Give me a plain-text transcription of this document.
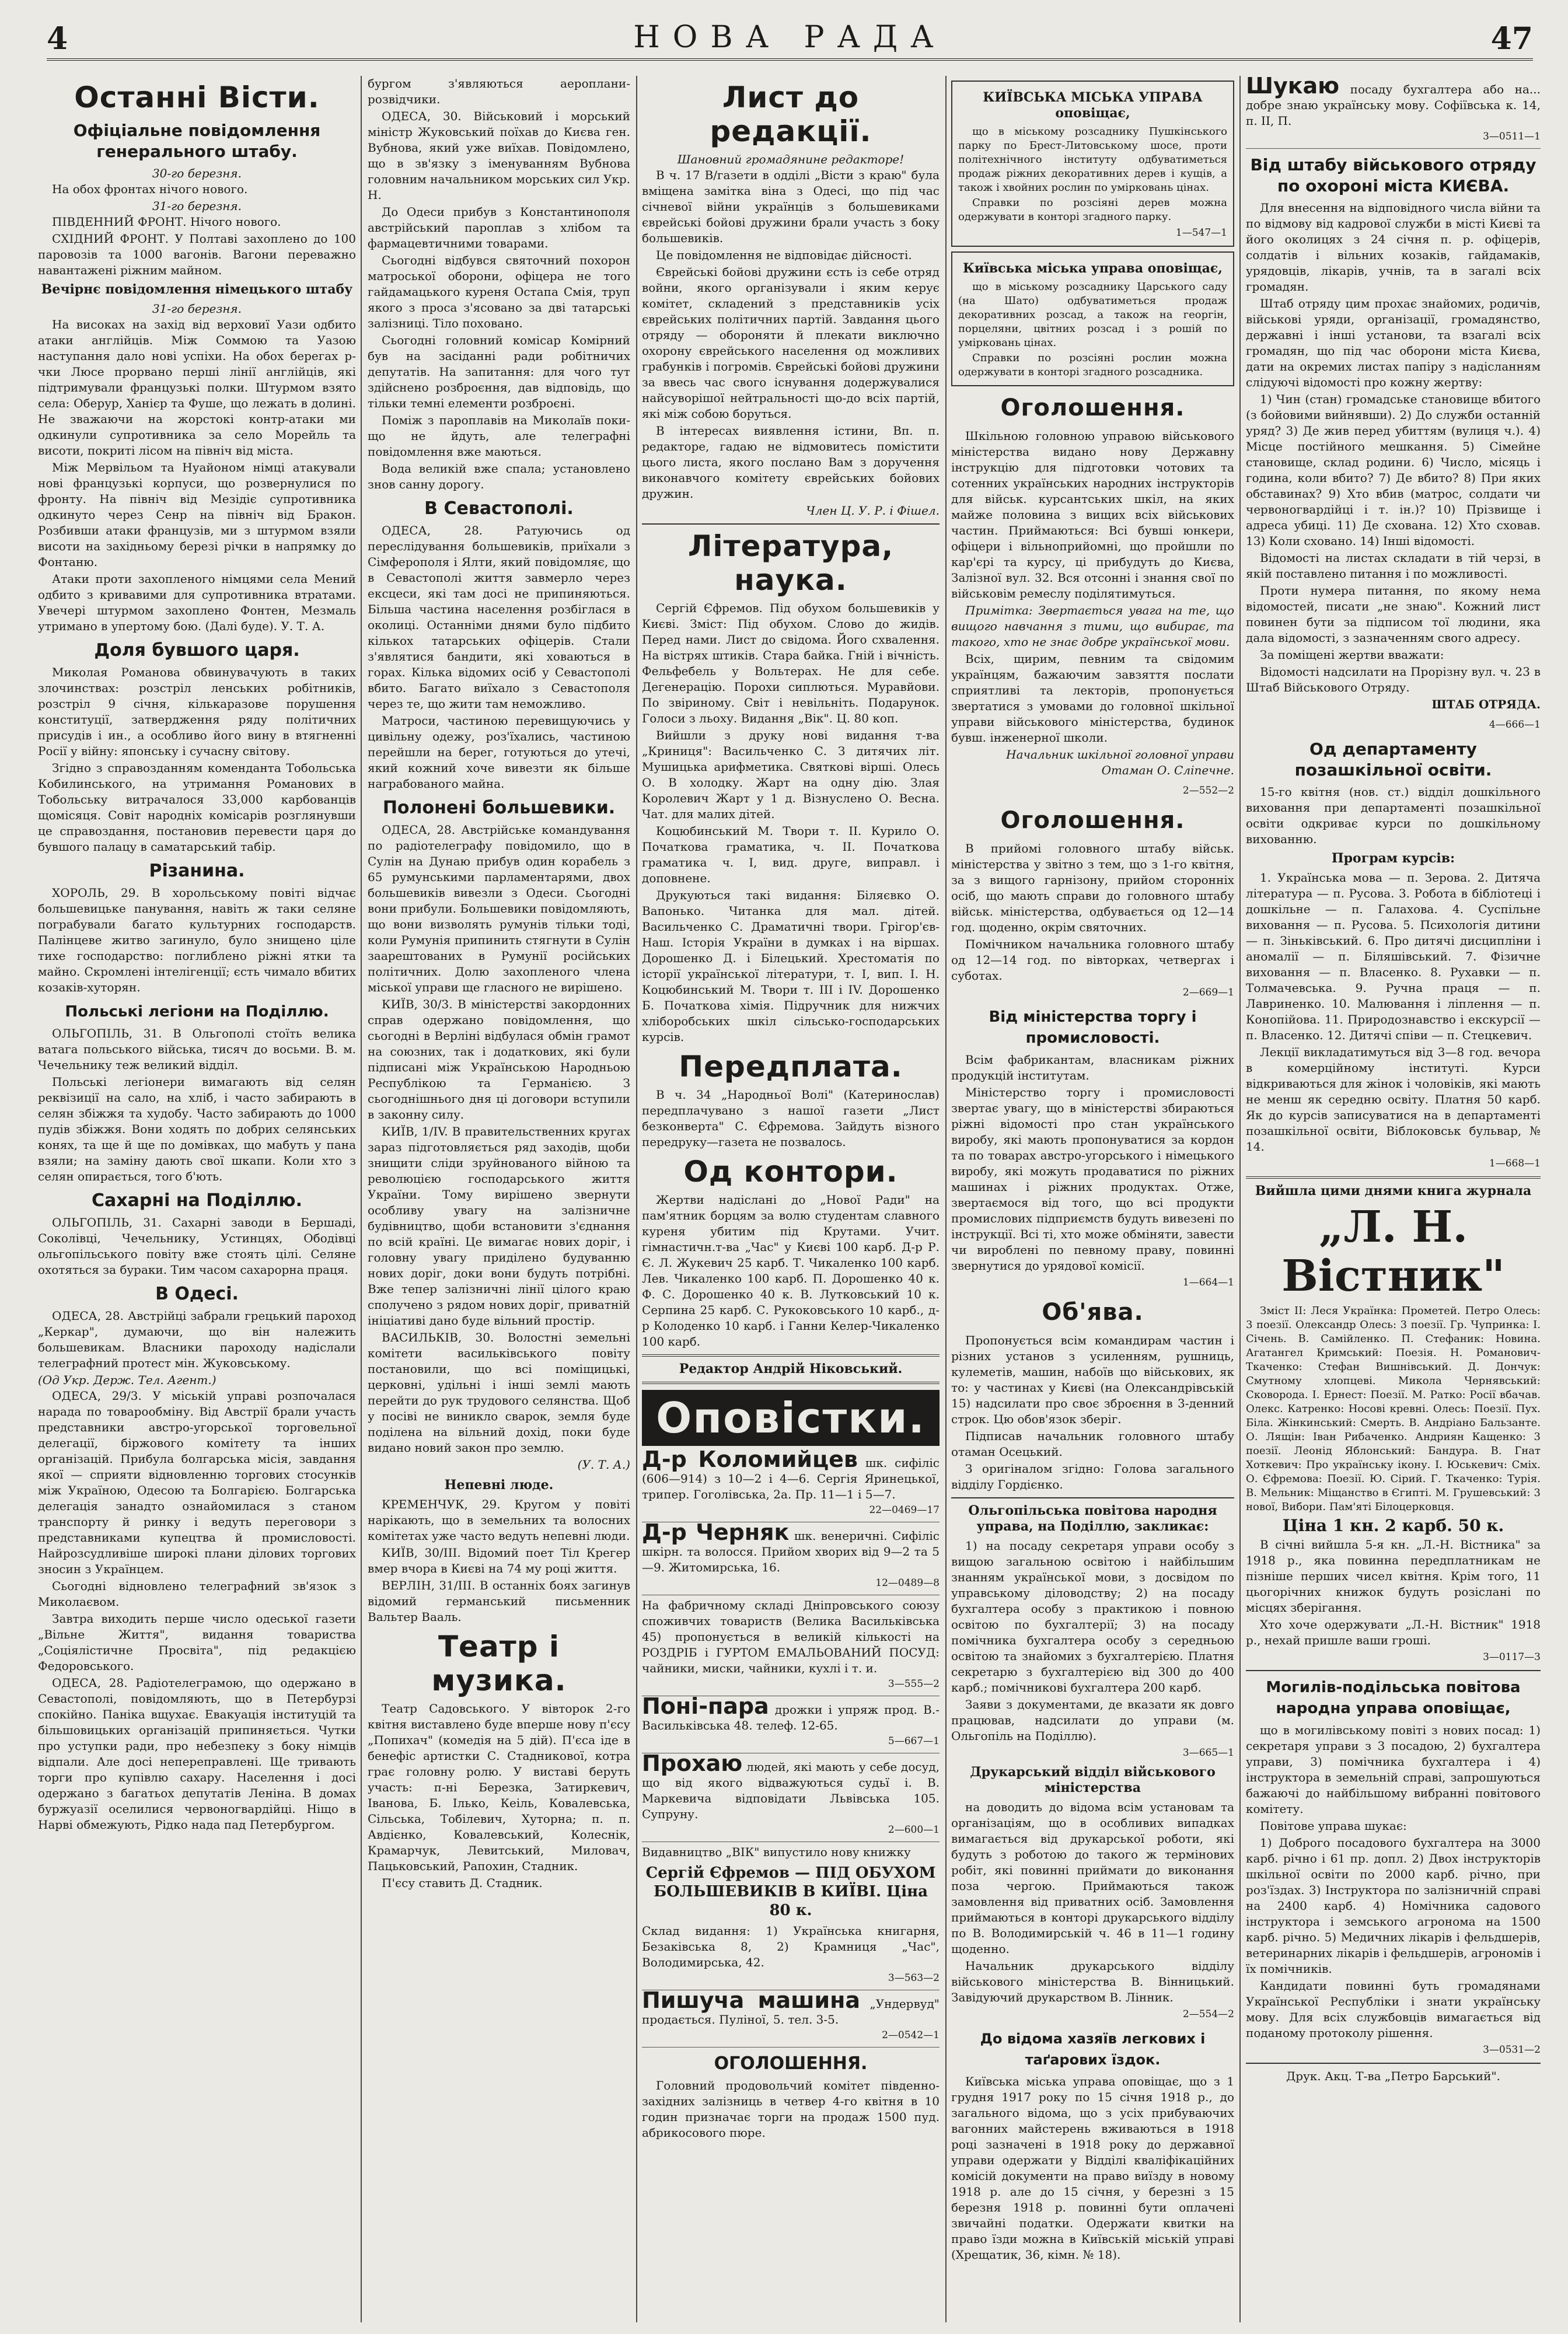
4	НОВА РАДА	47
Останні Вісти.
Офіціальне повідомлення генерального штабу.
30-го березня.

На обох фронтах нічого нового.

31-го березня.

ПІВДЕННИЙ ФРОНТ. Нічого нового.

СХІДНИЙ ФРОНТ. У Полтаві захоплено до 100 паровозів та 1000 вагонів. Вагони переважно навантажені ріжним майном.

Вечірнє повідомлення німецького штабу
31-го березня.

На високах на захід від верховиї Уази одбито атаки англійців. Між Соммою та Уазою наступання дало нові успіхи. На обох берегах р-чки Люсе прорвано перші лінії англійців, які підтримували французькі полки. Штурмом взято села: Оберур, Ханієр та Фуше, що лежать в долині. Не зважаючи на жорстокі контр-атаки ми одкинули супротивника за село Морейль та висоти, покриті лісом на північ від міста.

Між Мервільом та Нуайоном німці атакували нові французькі корпуси, що розвернулися по фронту. На північ від Мезідіє супротивника одкинуто через Сенр на північ від Бракон. Розбивши атаки французів, ми з штурмом взяли висоти на західньому березі річки в напрямку до Фонтаню.

Атаки проти захопленого німцями села Мений одбито з кривавими для супротивника втратами. Увечері штурмом захоплено Фонтен, Мезмаль утримано в упертому бою. (Далі буде). У. Т. А.

Доля бувшого царя.

Миколая Романова обвинувачують в таких злочинствах: розстріл ленських робітників, розстріл 9 січня, кількаразове порушення конституції, затвердження ряду політичних присудів і ин., а особливо його вину в втягненні Росії у війну: японську і сучасну світову.

Згідно з справозданням коменданта Тобольська Кобилинського, на утримання Романових в Тобольську витрачалося 33,000 карбованців щомісяця. Совіт народніх комісарів розглянувши це справоздання, постановив перевести царя до бувшого палацу в саматарський табір.

Різанина.

ХОРОЛЬ, 29. В хорольському повіті відчає большевицьке панування, навіть ж таки селяне пограбували багато культурних господарств. Палінцеве житво загинуло, було знищено ціле тихе господарство: поглиблено ріжні ятки та майно. Скромлені інтелігенції; єсть чимало вбитих козаків-хуторян.

Польські легіони на Поділлю.

ОЛЬГОПІЛЬ, 31. В Ольгополі стоїть велика ватага польського війська, тисяч до восьми. В. м. Чечельнику теж великий відділ.

Польські легіонери вимагають від селян реквізиції на сало, на хліб, і часто забирають в селян збіжжя та худобу. Часто забирають до 1000 пудів збіжжя. Вони ходять по добрих селянських конях, та ще й ще по домівках, що мабуть у пана взяли; на заміну дають свої шкапи. Коли хто з селян опирається, того б'ють.

Сахарні на Поділлю.

ОЛЬГОПІЛЬ, 31. Сахарні заводи в Бершаді, Соколівці, Чечельнику, Устинцях, Ободівці ольгопільського повіту вже стоять цілі. Селяне охотяться за бураки. Тим часом сахарорна праця.

В Одесі.

ОДЕСА, 28. Австрійці забрали грецький пароход „Керкар", думаючи, що він належить большевикам. Власники пароходу надіслали телеграфний протест мін. Жуковському.

(Од Укр. Держ. Тел. Агент.)

ОДЕСА, 29/3. У міській управі розпочалася нарада по товарообміну. Від Австрії брали участь представники австро-угорської торговельної делегації, біржового комітету та інших організацій. Прибула болгарська місія, завдання якої — сприяти відновленню торгових стосунків між Україною, Одесою та Болгарією. Болгарська делегація занадто ознайомилася з станом транспорту й ринку і ведуть переговори з представниками купецтва й промисловості. Найрозсудливіше широкі плани ділових торгових зносин з Українцем.

Сьогодні відновлено телеграфний зв'язок з Миколаєвом.

Завтра виходить перше число одеської газети „Вільне Життя", видання товариства „Соціялістичне Просвіта", під редакцією Федоровського.

ОДЕСА, 28. Радіотелеграмою, що одержано в Севастополі, повідомляють, що в Петербурзі спокійно. Паніка вщухає. Евакуація інституцій та більшовицьких організацій припиняється. Чутки про уступки ради, про небезпеку з боку німців відпали. Але досі непереправлені. Ще тривають торги про купівлю сахару. Населення і досі одержано з багатьох депутатів Леніна. В домах буржуазії оселилися червоногвардійці. Ніщо в Нарві обмежують, Рідко нада пад Петербургом.

бургом з'являються аероплани-розвідчики.

ОДЕСА, 30. Військовий і морський міністр Жуковський поїхав до Києва ген. Вубнова, який уже виїхав. Повідомлено, що в зв'язку з іменуванням Вубнова головним начальником морських сил Укр. Н.

До Одеси прибув з Константинополя австрійський пароплав з хлібом та фармацевтичними товарами.

Сьогодні відбувся святочний похорон матроської оборони, офіцера не того гайдамацького куреня Остапа Смія, труп якого з проса з'ясовано за дві татарські залізниці. Тіло поховано.

Сьогодні головний комісар Комірний був на засіданні ради робітничих депутатів. На запитання: для чого тут здійснено розброєння, дав відповідь, що тільки темні елементи розброєні.

Поміж з пароплавів на Миколаїв поки-що не йдуть, але телеграфні повідомлення вже маються.

Вода великій вже спала; установлено знов санну дорогу.

В Севастополі.

ОДЕСА, 28. Ратуючись од переслідування большевиків, приїхали з Сімферополя і Ялти, який повідомляє, що в Севастополі життя завмерло через ексцеси, які там досі не припиняються. Більша частина населення розбіглася в околиці. Останніми днями було підбито кількох татарських офіцерів. Стали з'являтися бандити, які ховаються в горах. Кілька відомих осіб у Севастополі вбито. Багато виїхало з Севастополя через те, що жити там неможливо.

Матроси, частиною перевищуючись у цивільну одежу, роз'їхались, частиною перейшли на берег, готуються до утечі, який кожний хоче вивезти як більше награбованого майна.

Полонені большевики.

ОДЕСА, 28. Австрійське командування по радіотелеграфу повідомило, що в Сулін на Дунаю прибув один корабель з 65 румунськими парламентарями, двох большевиків вивезли з Одеси. Сьогодні вони прибули. Большевики повідомляють, що вони визволять румунів тільки тоді, коли Румунія припинить стягнути в Сулін заарештованих в Румунії російських політичних. Долю захопленого члена міської управи ще гласного не вирішено.

КИЇВ, 30/3. В міністерстві закордонних справ одержано повідомлення, що сьогодні в Верліні відбулася обмін грамот на союзних, так і додаткових, які були підписані між Українською Народньою Республікою та Германією. З сьогоднішнього дня ці договори вступили в законну силу.

КИЇВ, 1/IV. В правительственних кругах зараз підготовляється ряд заходів, щоби знищити сліди зруйнованого війною та революцією господарського життя України. Тому вирішено звернути особливу увагу на залізничне будівництво, щоби встановити з'єднання по всій країні. Це вимагає нових доріг, і головну увагу приділено будуванню нових доріг, доки вони будуть потрібні. Вже тепер залізничні лінії цілого краю сполучено з рядом нових доріг, приватній ініціативі дано буде вільний простір.

ВАСИЛЬКІВ, 30. Волостні земельні комітети васильківського повіту постановили, що всі поміщицькі, церковні, удільні і інші землі мають перейти до рук трудового селянства. Щоб у посіві не виникло сварок, земля буде поділена на вільний дохід, поки буде видано новий закон про землю.

(У. Т. А.)
Непевні люде.

КРЕМЕНЧУК, 29. Кругом у повіті нарікають, що в земельних та волосних комітетах уже часто ведуть непевні люди.

КИЇВ, 30/ІІІ. Відомий поет Тіл Крегер вмер вчора в Києві на 74 му році життя.

ВЕРЛІН, 31/ІІІ. В останніх боях загинув відомий германський письменник Вальтер Вааль.

Театр і музика.

Театр Садовського. У вівторок 2-го квітня виставлено буде вперше нову п'єсу „Попихач" (комедія на 5 дій). П'єса іде в бенефіс артистки С. Стадникової, котра грає головну ролю. У виставі беруть участь: п-ні Березка, Затиркевич, Іванова, Б. Ілько, Кеіль, Ковалевська, Сільська, Тобілевич, Хуторна; п. п. Авдієнко, Ковалевський, Колеснік, Крамарчук, Левитський, Миловач, Пацьковський, Рапохин, Стадник.

П'єсу ставить Д. Стадник.

Лист до редакції.
Шановний громадянине редакторе!

В ч. 17 В/газети в одділі „Вісти з краю" була вміщена замітка віна з Одесі, що під час січневої війни українців з большевиками єврейські бойові дружини брали участь з боку большевиків.

Це повідомлення не відповідає дійсності.

Єврейські бойові дружини єсть із себе отряд войни, якого організували і яким керує комітет, складений з представників усіх єврейських політичних партій. Завдання цього отряду — обороняти й плекати виключно охорону єврейського населення од можливих грабунків і погромів. Єврейські бойові дружини за ввесь час свого існування додержувалися найсуворішої нейтральності що-до всіх партій, які між собою боруться.

В інтересах виявлення істини, Вп. п. редакторе, гадаю не відмовитесь помістити цього листа, якого послано Вам з доручення виконавчого комітету єврейських бойових дружин.

Член Ц. У. Р. і Фішел.
Література, наука.

Сергій Єфремов. Під обухом большевиків у Києві. Зміст: Під обухом. Слово до жидів. Перед нами. Лист до свідома. Його схвалення. На вістрях штиків. Стара байка. Гній і вічність. Фельфебель у Вольтерах. Не для себе. Дегенерацію. Порохи сиплються. Муравйови. По звіриному. Світ і невільніть. Подарунок. Голоси з льоху. Видання „Вік". Ц. 80 коп.

Вийшли з друку нові видання т-ва „Криниця": Васильченко С. З дитячих літ. Мушицька арифметика. Святкові вірші. Олесь О. В холодку. Жарт на одну дію. Злая Королевич Жарт у 1 д. Візнуслено О. Весна. Чат. для малих дітей.

Коцюбинський М. Твори т. II. Курило О. Початкова граматика, ч. II. Початкова граматика ч. I, вид. друге, виправл. і доповнене.

Друкуються такі видання: Біляєвко О. Вапонько. Читанка для мал. дітей. Васильченко С. Драматичні твори. Грігор'єв-Наш. Історія України в думках і на віршах. Дорошенко Д. і Білецький. Хрестоматія по історії української літератури, т. І, вип. І. Н. Коцюбинський М. Твори т. III і IV. Дорошенко Б. Початкова хімія. Підручник для нижчих хліборобських шкіл сільсько-господарських курсів.

Передплата.

В ч. 34 „Народньої Волі" (Катеринослав) передплачувано з нашої газети „Лист безконверта" С. Єфремова. Зайдуть візного передруку—газета не позвалось.

Од контори.

Жертви надіслані до „Нової Ради" на пам'ятник борцям за волю студентам славного куреня убитим під Крутами. Учит. гімнастичн.т-ва „Час" у Києві 100 карб. Д-р Р. Є. Л. Жукевич 25 карб. Т. Чикаленко 100 карб. Лев. Чикаленко 100 карб. П. Дорошенко 40 к. Ф. С. Дорошенко 40 к. В. Лутковський 10 к. Серпина 25 карб. С. Рукоковського 10 карб., д-р Колоденко 10 карб. і Ганни Келер-Чикаленко 100 карб.

Редактор Андрій Ніковський.
Оповістки.
Д-р Коломийцев шк. сифіліс (606—914) з 10—2 і 4—6. Сергія Яринецької, трипер. Гоголівська, 2а. Пр. 11—1 і 5—7.
22—0469—17
Д-р Черняк шк. венеричні. Сифіліс шкірн. та волосся. Прийом хворих від 9—2 та 5—9. Житомирська, 16.
12—0489—8
На фабричному складі Дніпровського союзу споживчих товариств (Велика Васильківська 45) пропонується в великій кількості на РОЗДРІБ і ГУРТОМ ЕМАЛЬОВАНИЙ ПОСУД: чайники, миски, чайники, кухлі і т. и.
3—555—2
Поні-пара дрожки і упряж прод. В.-Васильківська 48. телеф. 12-65.
5—667—1
Прохаю людей, які мають у себе досуд, що від якого відважуються судьї і. В. Маркевича відповідати Львівська 105. Супруну.
2—600—1
Видавництво „ВІК" випустило нову книжку
Сергій Єфремов — ПІД ОБУХОМ БОЛЬШЕВИКІВ В КИЇВІ. Ціна 80 к.
Склад видання: 1) Українська книгарня, Безаківська 8, 2) Крамниця „Час", Володимирська, 42.
3—563—2
Пишуча машина „Ундервуд" продається. Пуліної, 5. тел. 3-5.
2—0542—1
ОГОЛОШЕННЯ.

Головний продовольчий комітет південно-західних залізниць в четвер 4-го квітня в 10 годин призначає торги на продаж 1500 пуд. абрикосового пюре.

КИЇВСЬКА МІСЬКА УПРАВА оповіщає,

що в міському розсаднику Пушкінського парку по Брест-Литовському шосе, проти політехнічного інституту одбуватиметься продаж ріжних декоративних дерев і кущів, а також і хвойних рослин по умірковань цінах.

Справки по розсіяні дерев можна одержувати в конторі згадного парку.

1—547—1
Київська міська управа оповіщає,

що в міському розсаднику Царського саду (на Шато) одбуватиметься продаж декоративних розсад, а також на георгін, порцеляни, цвітних розсад і з рошій по умірковань цінах.

Справки по розсіяні рослин можна одержувати в конторі згадного розсадника.

Оголошення.

Шкільною головною управою військового міністерства видано нову Державну інструкцію для підготовки чотових та сотенних українських народних інструкторів для військ. курсантських шкіл, на яких майже половина з вищих всіх військових частин. Приймаються: Всі бувші юнкери, офіцери і вільноприйомні, що пройшли по кар'єрі та курсу, ці прибудуть до Києва, Залізної вул. 32. Вся отсонні і знання свої по військовім ремеслу поділятимуться.

Примітка: Звертається увага на те, що вищого навчання з тими, що вибирає, та такого, хто не знає добре української мови.

Всіх, щирим, певним та свідомим українцям, бажаючим завзяття послати сприятливі та лекторів, пропонується звертатися з умовами до головної шкільної управи військового міністерства, будинок бувш. інженерної школи.

Начальник шкільної головної управи Отаман О. Сліпечне.
2—552—2
Оголошення.

В прийомі головного штабу військ. міністерства у звітно з тем, що з 1-го квітня, за з вищого гарнізону, прийом сторонніх осіб, що мають справи до головного штабу військ. міністерства, одбувається од 12—14 год. щоденно, окрім святочних.

Помічником начальника головного штабу од 12—14 год. по вівторках, четвергах і суботах.

2—669—1
Від міністерства торгу і промисловості.

Всім фабрикантам, власникам ріжних продукцій інститутам.

Міністерство торгу і промисловості звертає увагу, що в міністерстві збираються ріжні відомості про стан українського виробу, які мають пропонуватися за кордон та по товарах австро-угорського і німецького виробу, які можуть продаватися по ріжних машинах і ріжних продуктах. Отже, звертаємося від того, що всі продукти промислових підприємств будуть вивезені по інструкції. Всі ті, хто може обміняти, завести чи вироблені по певному праву, повинні звернутися до урядової комісії.

1—664—1
Об'ява.

Пропонується всім командирам частин і різних установ з усиленням, рушниць, кулеметів, машин, набоїв що військових, як то: у частинах у Києві (на Олександрівській 15) надсилати про своє зброєння в 3-денний строк. Цю обов'язок зберіг.

Підписав начальник головного штабу отаман Осецький.

З оригіналом згідно: Голова загального відділу Гордієнко.

Ольгопільська повітова народня управа, на Поділлю, закликає:

1) на посаду секретаря управи особу з вищою загальною освітою і найбільшим знанням української мови, з досвідом по управському діловодству; 2) на посаду бухгалтера особу з практикою і повною освітою по бухгалтерії; 3) на посаду помічника бухгалтера особу з середньою освітою та знайомих з бухгалтерією. Платня секретарю з бухгалтерією від 300 до 400 карб.; помічникові бухгалтера 200 карб.

Заяви з документами, де вказати як довго працював, надсилати до управи (м. Ольгопіль на Поділлю).

3—665—1
Друкарський відділ військового міністерства

на доводить до відома всім установам та організаціям, що в особливих випадках вимагається від друкарської роботи, які будуть з роботою до такого ж термінових робіт, які повинні приймати до виконання поза чергою. Приймаються також замовлення від приватних осіб. Замовлення приймаються в конторі друкарського відділу по В. Володимирській ч. 46 в 11—1 годину щоденно.

Начальник друкарського відділу військового міністерства В. Вінницький. Завідуючий друкарством В. Лінник.

2—554—2
До відома хазяїв легкових і таґарових їздок.

Київська міська управа оповіщає, що з 1 грудня 1917 року по 15 січня 1918 р., до загального відома, що з усіх прибуваючих вагонних майстерень вживаються в 1918 році зазначені в 1918 року до державної управи одержати у Відділі кваліфікаційних комісій документи на право виїзду в новому 1918 р. але до 15 січня, у березні з 15 березня 1918 р. повинні бути оплачені звичайні податки. Одержати квитки на право їзди можна в Київській міській управі (Хрещатик, 36, кімн. № 18).

Шукаю посаду бухгалтера або на... добре знаю українську мову. Софіївська к. 14, п. II, П.
3—0511—1
Від штабу військового отряду по охороні міста КИЄВА.

Для внесення на відповідного числа війни та по відмову від кадрової служби в місті Києві та його околицях з 24 січня п. р. офіцерів, солдатів і вільних козаків, гайдамаків, урядовців, лікарів, учнів, та в загалі всіх громадян.

Штаб отряду цим прохає знайомих, родичів, військові уряди, організації, громадянство, державні і інші установи, та взагалі всіх громадян, що під час оборони міста Києва, дати на окремих листах папіру з надісланням слідуючі відомості про кожну жертву:

1) Чин (стан) громадське становище вбитого (з бойовими вийнявши). 2) До служби останній уряд? 3) Де жив перед убиттям (вулиця ч.). 4) Місце постійного мешкання. 5) Сімейне становище, склад родини. 6) Число, місяць і година, коли вбито? 7) Де вбито? 8) При яких обставинах? 9) Хто вбив (матрос, солдати чи червоногвардійці і т. ін.)? 10) Прізвище і адреса убиці. 11) Де схована. 12) Хто сховав. 13) Коли сховано. 14) Інші відомості.

Відомості на листах складати в тій черзі, в якій поставлено питання і по можливості.

Проти нумера питання, по якому нема відомостей, писати „не знаю". Кожний лист повинен бути за підписом тої людини, яка дала відомості, з зазначенням свого адресу.

За поміщені жертви вважати:

Відомості надсилати на Прорізну вул. ч. 23 в Штаб Військового Отряду.

ШТАБ ОТРЯДА.
4—666—1
Од департаменту позашкільної освіти.

15-го квітня (нов. ст.) відділ дошкільного виховання при департаменті позашкільної освіти одкриває курси по дошкільному вихованню.

Програм курсів:

1. Українська мова — п. Зерова. 2. Дитяча література — п. Русова. 3. Робота в бібліотеці і дошкільне — п. Галахова. 4. Суспільне виховання — п. Русова. 5. Психологія дитини — п. Зіньківський. 6. Про дитячі дисципліни і аномалії — п. Біляшівський. 7. Фізичне виховання — п. Власенко. 8. Рухавки — п. Толмачевська. 9. Ручна праця — п. Лавриненко. 10. Малювання і ліплення — п. Конопійова. 11. Природознавство і екскурсії — п. Власенко. 12. Дитячі співи — п. Стецкевич.

Лекції викладатимуться від 3—8 год. вечора в комерційному інституті. Курси відкриваються для жінок і чоловіків, які мають не менш як середню освіту. Платня 50 карб. Як до курсів записуватися на в департаменті позашкільної освіти, Віблоковськ бульвар, № 14.

1—668—1
Вийшла цими днями книга журнала
„Л. Н. Вістник"

Зміст II: Леся Українка: Прометей. Петро Олесь: 3 поезії. Олександр Олесь: 3 поезії. Гр. Чупринка: І. Січень. В. Самійленко. П. Стефаник: Новина. Агатангел Кримський: Поезія. Н. Романович-Ткаченко: Стефан Вишнівський. Д. Дончук: Смутному хлопцеві. Микола Чернявський: Сковорода. І. Ернест: Поезії. М. Ратко: Росії вбачав. Олекс. Катренко: Носові кревні. Олесь: Поезії. Пух. Біла. Жінкинський: Смерть. В. Андріано Бальзанте. О. Лящін: Іван Рибаченко. Андриян Кащенко: 3 поезії. Леонід Яблонський: Бандура. В. Гнат Хоткевич: Про українську ікону. І. Юськевич: Сміх. О. Єфремова: Поезії. Ю. Сірий. Г. Ткаченко: Турія. В. Мельник: Міщанство в Єгипті. М. Грушевський: 3 нової, Вибори. Пам'яті Білоцерковця.

Ціна 1 кн. 2 карб. 50 к.

В січні вийшла 5-я кн. „Л.-Н. Вістника" за 1918 р., яка повинна передплатникам не пізніше перших чисел квітня. Крім того, 11 цьогорічних книжок будуть розіслані по місцях зберігання.

Хто хоче одержувати „Л.-Н. Вістник" 1918 р., нехай пришле ваши гроші.

3—0117—3
Могилів-подільська повітова народна управа оповіщає,

що в могилівському повіті з нових посад: 1) секретаря управи з 3 посадою, 2) бухгалтера управи, 3) помічника бухгалтера і 4) інструктора в земельній справі, запрошуються бажаючі до найбільшому вибранні повітового комітету.

Повітове управа шукає:

1) Доброго посадового бухгалтера на 3000 карб. річно і 61 пр. допл. 2) Двох інструкторів шкільної освіти по 2000 карб. річно, при роз'їздах. 3) Інструктора по залізничній справі на 2400 карб. 4) Номічника садового інструктора і земського агронома на 1500 карб. річно. 5) Медичних лікарів і фельдшерів, ветеринарних лікарів і фельдшерів, агрономів і їх помічників.

Кандидати повинні буть громадянами Української Республіки і знати українську мову. Для всіх службовців вимагається від поданому протоколу рішення.

3—0531—2
Друк. Акц. Т-ва „Петро Барський".
